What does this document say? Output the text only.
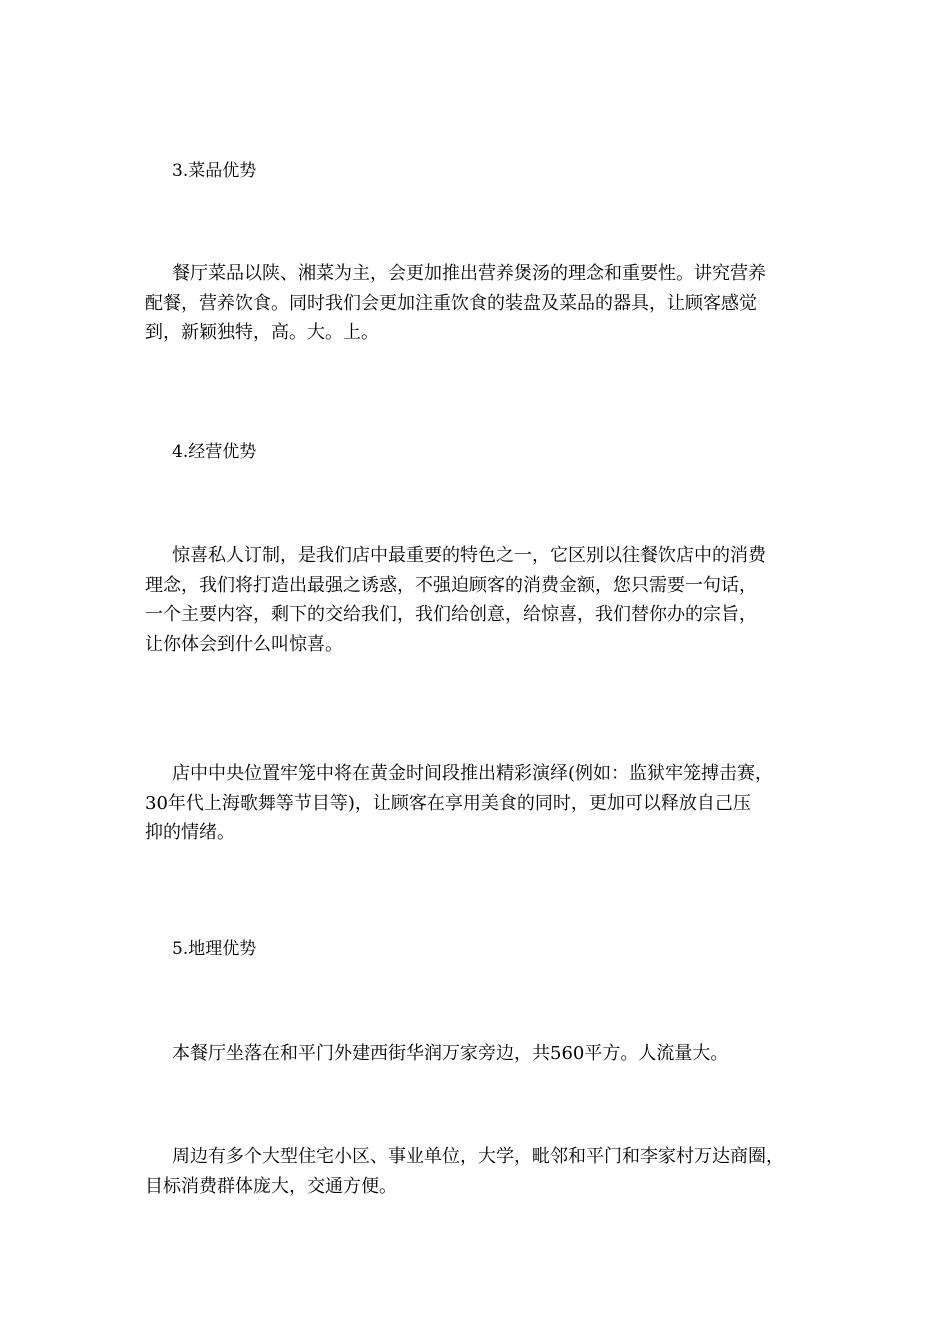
3.菜品优势

餐厅菜品以陕、湘菜为主，会更加推出营养煲汤的理念和重要性。讲究营养
配餐，营养饮食。同时我们会更加注重饮食的装盘及菜品的器具，让顾客感觉
到，新颖独特，高。大。上。

4.经营优势

惊喜私人订制，是我们店中最重要的特色之一，它区别以往餐饮店中的消费
理念，我们将打造出最强之诱惑，不强迫顾客的消费金额，您只需要一句话，
一个主要内容，剩下的交给我们，我们给创意，给惊喜，我们替你办的宗旨，
让你体会到什么叫惊喜。

店中中央位置牢笼中将在黄金时间段推出精彩演绎(例如：监狱牢笼搏击赛，
30年代上海歌舞等节目等)，让顾客在享用美食的同时，更加可以释放自己压
抑的情绪。

5.地理优势

本餐厅坐落在和平门外建西街华润万家旁边，共560平方。人流量大。

周边有多个大型住宅小区、事业单位，大学，毗邻和平门和李家村万达商圈，
目标消费群体庞大，交通方便。
